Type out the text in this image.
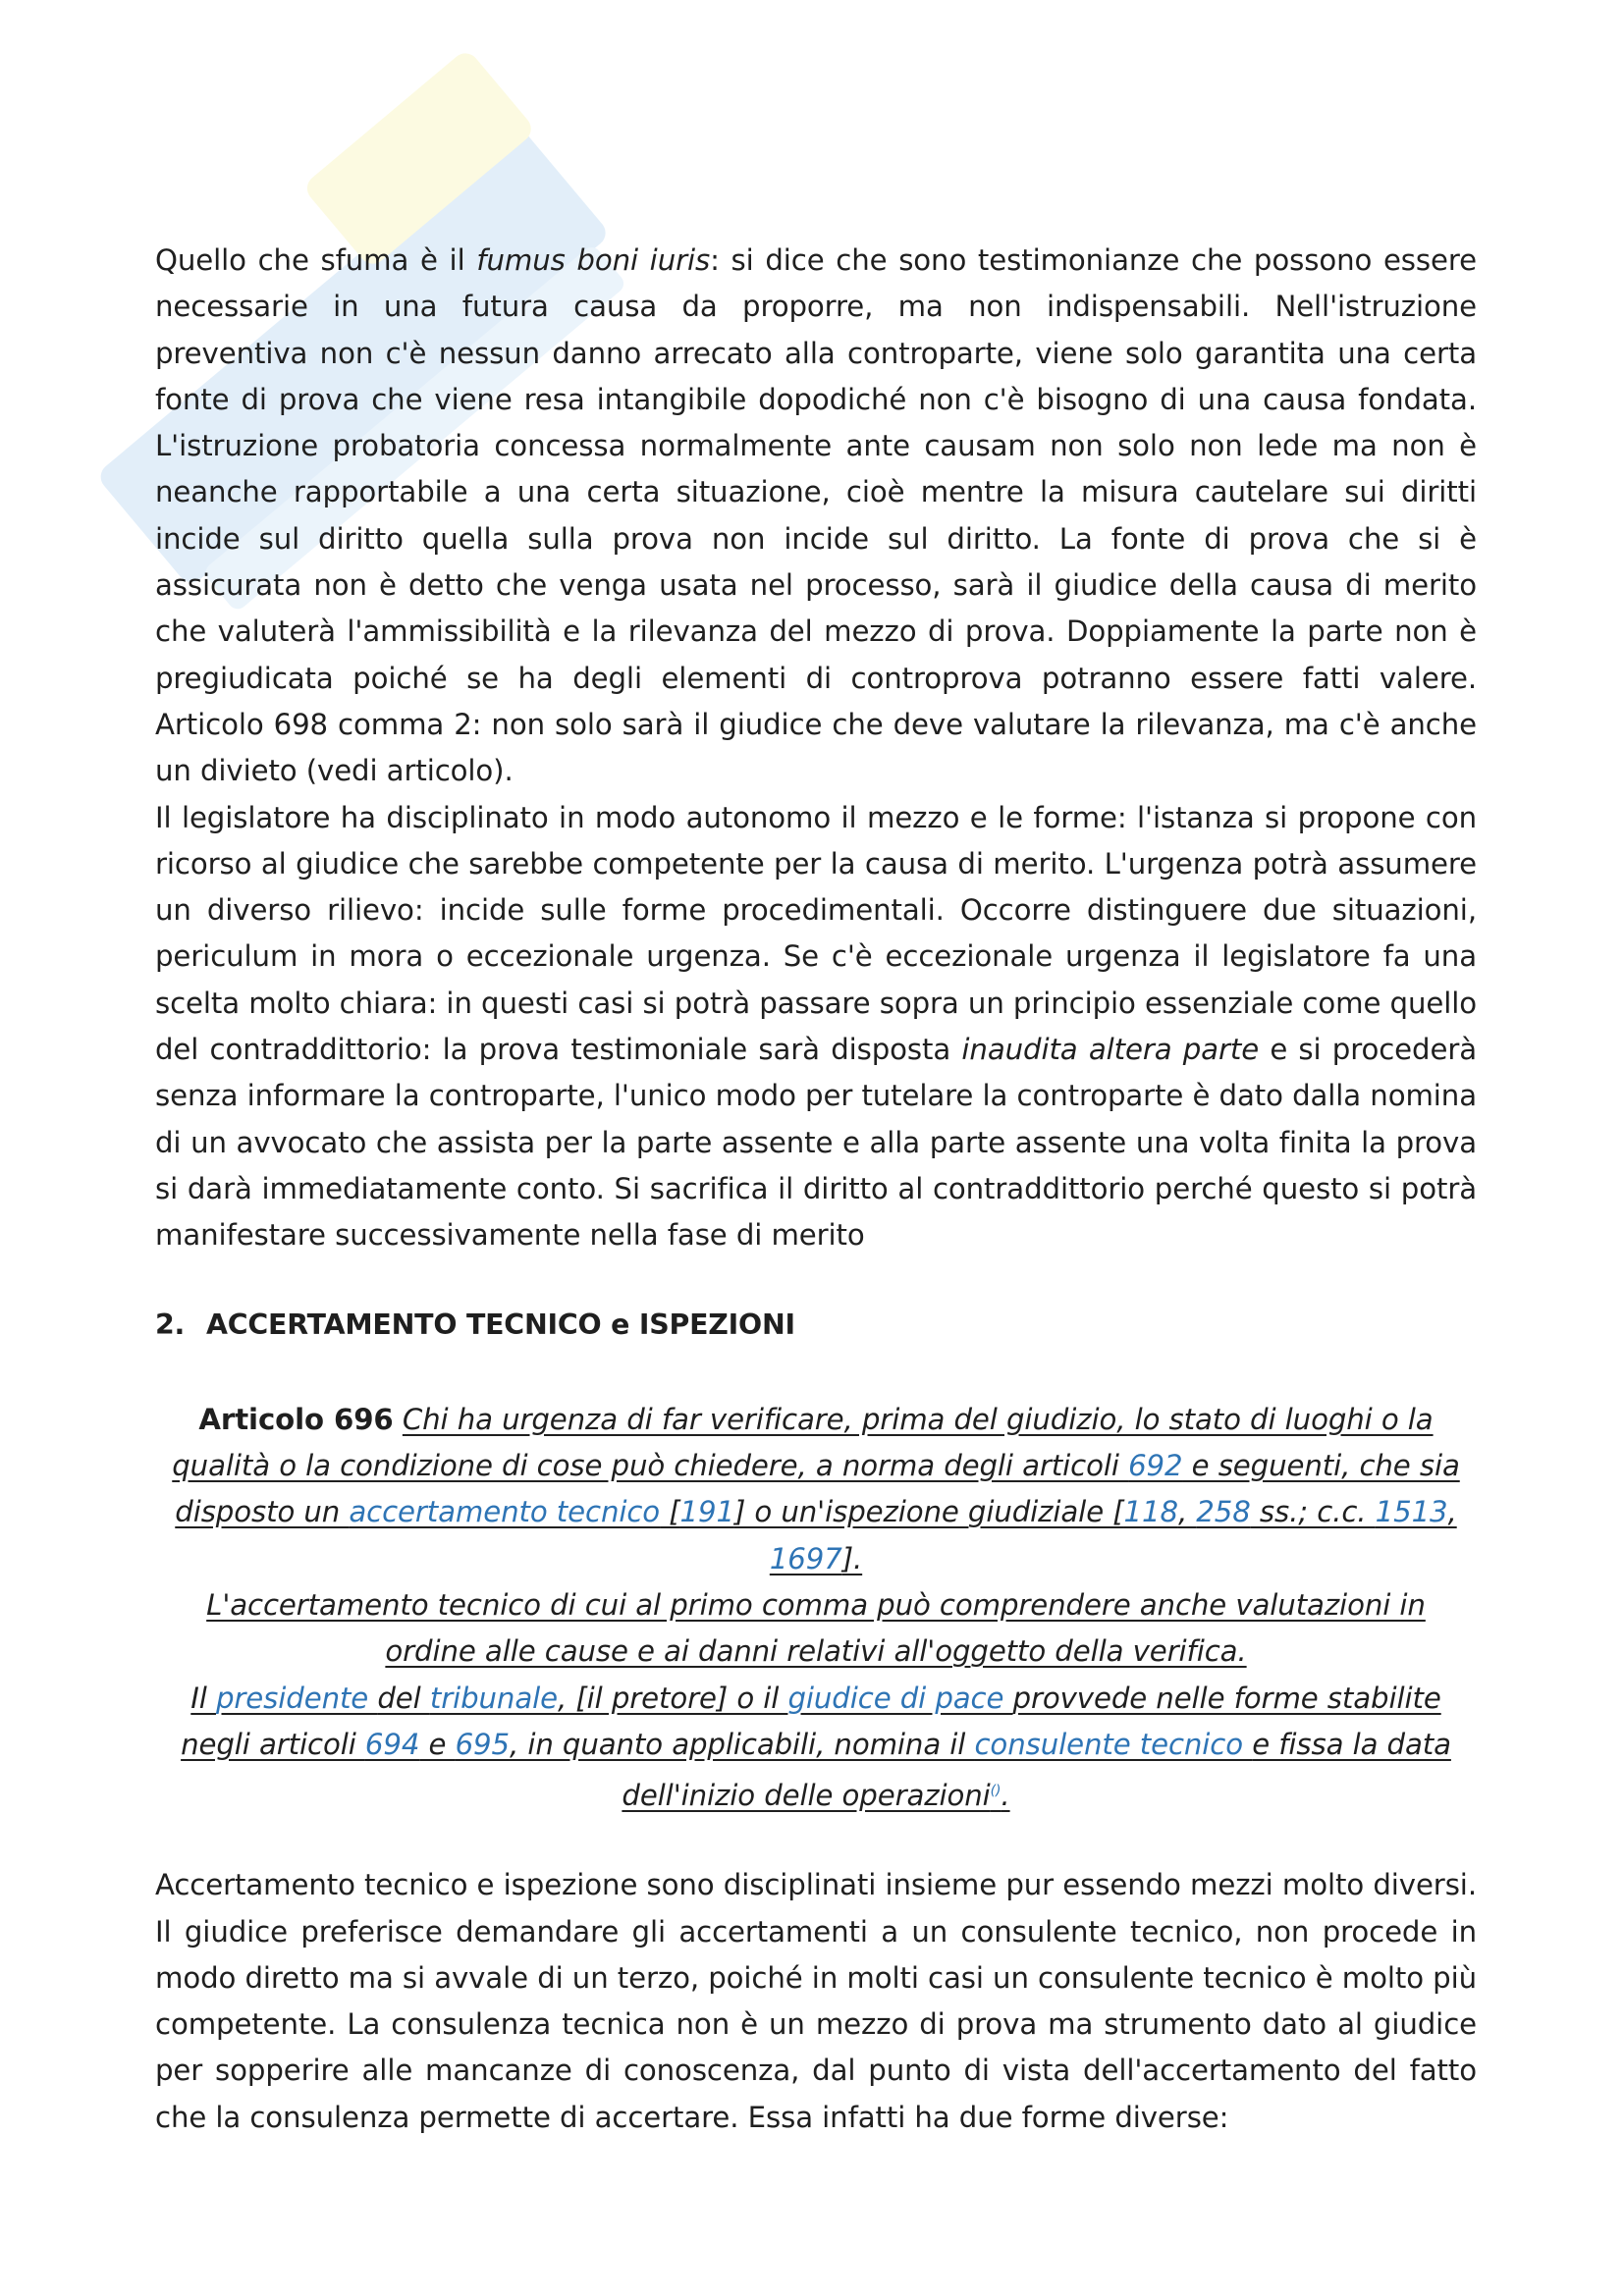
Quello che sfuma è il fumus boni iuris: si dice che sono testimonianze che possono essere necessarie in una futura causa da proporre, ma non indispensabili. Nell'istruzione preventiva non c'è nessun danno arrecato alla controparte, viene solo garantita una certa fonte di prova che viene resa intangibile dopodiché non c'è bisogno di una causa fondata. L'istruzione probatoria concessa normalmente ante causam non solo non lede ma non è neanche rapportabile a una certa situazione, cioè mentre la misura cautelare sui diritti incide sul diritto quella sulla prova non incide sul diritto. La fonte di prova che si è assicurata non è detto che venga usata nel processo, sarà il giudice della causa di merito che valuterà l'ammissibilità e la rilevanza del mezzo di prova. Doppiamente la parte non è pregiudicata poiché se ha degli elementi di controprova potranno essere fatti valere. Articolo 698 comma 2: non solo sarà il giudice che deve valutare la rilevanza, ma c'è anche un divieto (vedi articolo).

Il legislatore ha disciplinato in modo autonomo il mezzo e le forme: l'istanza si propone con ricorso al giudice che sarebbe competente per la causa di merito. L'urgenza potrà assumere un diverso rilievo: incide sulle forme procedimentali. Occorre distinguere due situazioni, periculum in mora o eccezionale urgenza. Se c'è eccezionale urgenza il legislatore fa una scelta molto chiara: in questi casi si potrà passare sopra un principio essenziale come quello del contraddittorio: la prova testimoniale sarà disposta inaudita altera parte e si procederà senza informare la controparte, l'unico modo per tutelare la controparte è dato dalla nomina di un avvocato che assista per la parte assente e alla parte assente una volta finita la prova si darà immediatamente conto. Si sacrifica il diritto al contraddittorio perché questo si potrà manifestare successivamente nella fase di merito

2. ACCERTAMENTO TECNICO e ISPEZIONI
Articolo 696 Chi ha urgenza di far verificare, prima del giudizio, lo stato di luoghi o la qualità o la condizione di cose può chiedere, a norma degli articoli 692 e seguenti, che sia disposto un accertamento tecnico [191] o un'ispezione giudiziale [118, 258 ss.; c.c. 1513, 1697].
L'accertamento tecnico di cui al primo comma può comprendere anche valutazioni in ordine alle cause e ai danni relativi all'oggetto della verifica.
Il presidente del tribunale, [il pretore] o il giudice di pace provvede nelle forme stabilite negli articoli 694 e 695, in quanto applicabili, nomina il consulente tecnico e fissa la data dell'inizio delle operazioni().

Accertamento tecnico e ispezione sono disciplinati insieme pur essendo mezzi molto diversi. Il giudice preferisce demandare gli accertamenti a un consulente tecnico, non procede in modo diretto ma si avvale di un terzo, poiché in molti casi un consulente tecnico è molto più competente. La consulenza tecnica non è un mezzo di prova ma strumento dato al giudice per sopperire alle mancanze di conoscenza, dal punto di vista dell'accertamento del fatto che la consulenza permette di accertare. Essa infatti ha due forme diverse:
